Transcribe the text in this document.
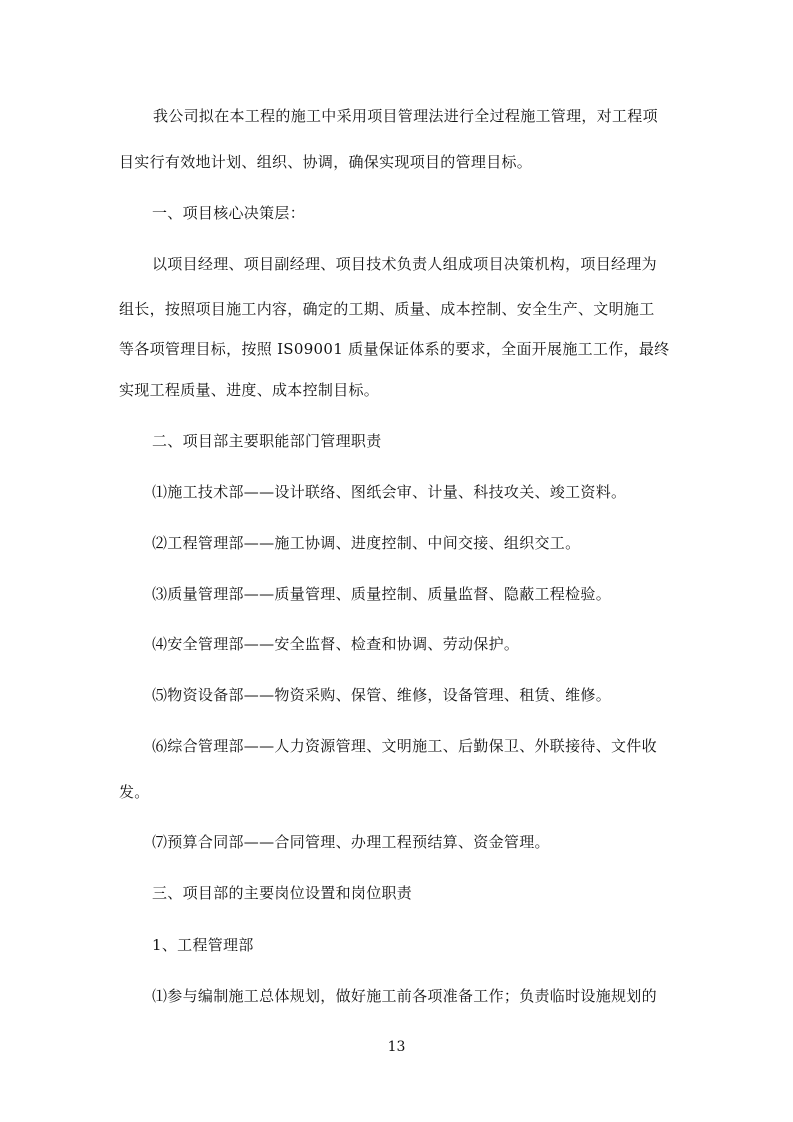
我公司拟在本工程的施工中采用项目管理法进行全过程施工管理，对工程项
目实行有效地计划、组织、协调，确保实现项目的管理目标。
一、项目核心决策层：
以项目经理、项目副经理、项目技术负责人组成项目决策机构，项目经理为
组长，按照项目施工内容，确定的工期、质量、成本控制、安全生产、文明施工
等各项管理目标，按照 IS09001 质量保证体系的要求，全面开展施工工作，最终
实现工程质量、进度、成本控制目标。
二、项目部主要职能部门管理职责
⑴施工技术部——设计联络、图纸会审、计量、科技攻关、竣工资料。
⑵工程管理部——施工协调、进度控制、中间交接、组织交工。
⑶质量管理部——质量管理、质量控制、质量监督、隐蔽工程检验。
⑷安全管理部——安全监督、检查和协调、劳动保护。
⑸物资设备部——物资采购、保管、维修，设备管理、租赁、维修。
⑹综合管理部——人力资源管理、文明施工、后勤保卫、外联接待、文件收
发。
⑺预算合同部——合同管理、办理工程预结算、资金管理。
三、项目部的主要岗位设置和岗位职责
1、工程管理部
⑴参与编制施工总体规划，做好施工前各项准备工作；负责临时设施规划的
13
